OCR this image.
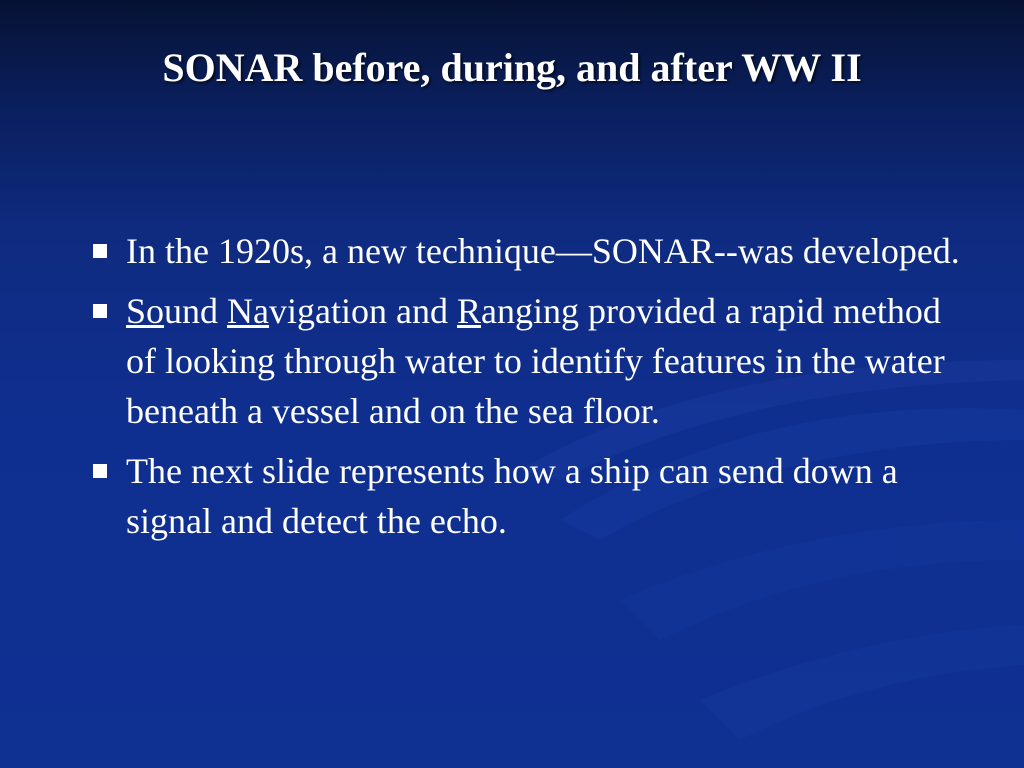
SONAR before, during, and after WW II
In the 1920s, a new technique—SONAR--was developed.
Sound Navigation and Ranging provided a rapid method of looking through water to identify features in the water beneath a vessel and on the sea floor.
The next slide represents how a ship can send down a signal and detect the echo.
